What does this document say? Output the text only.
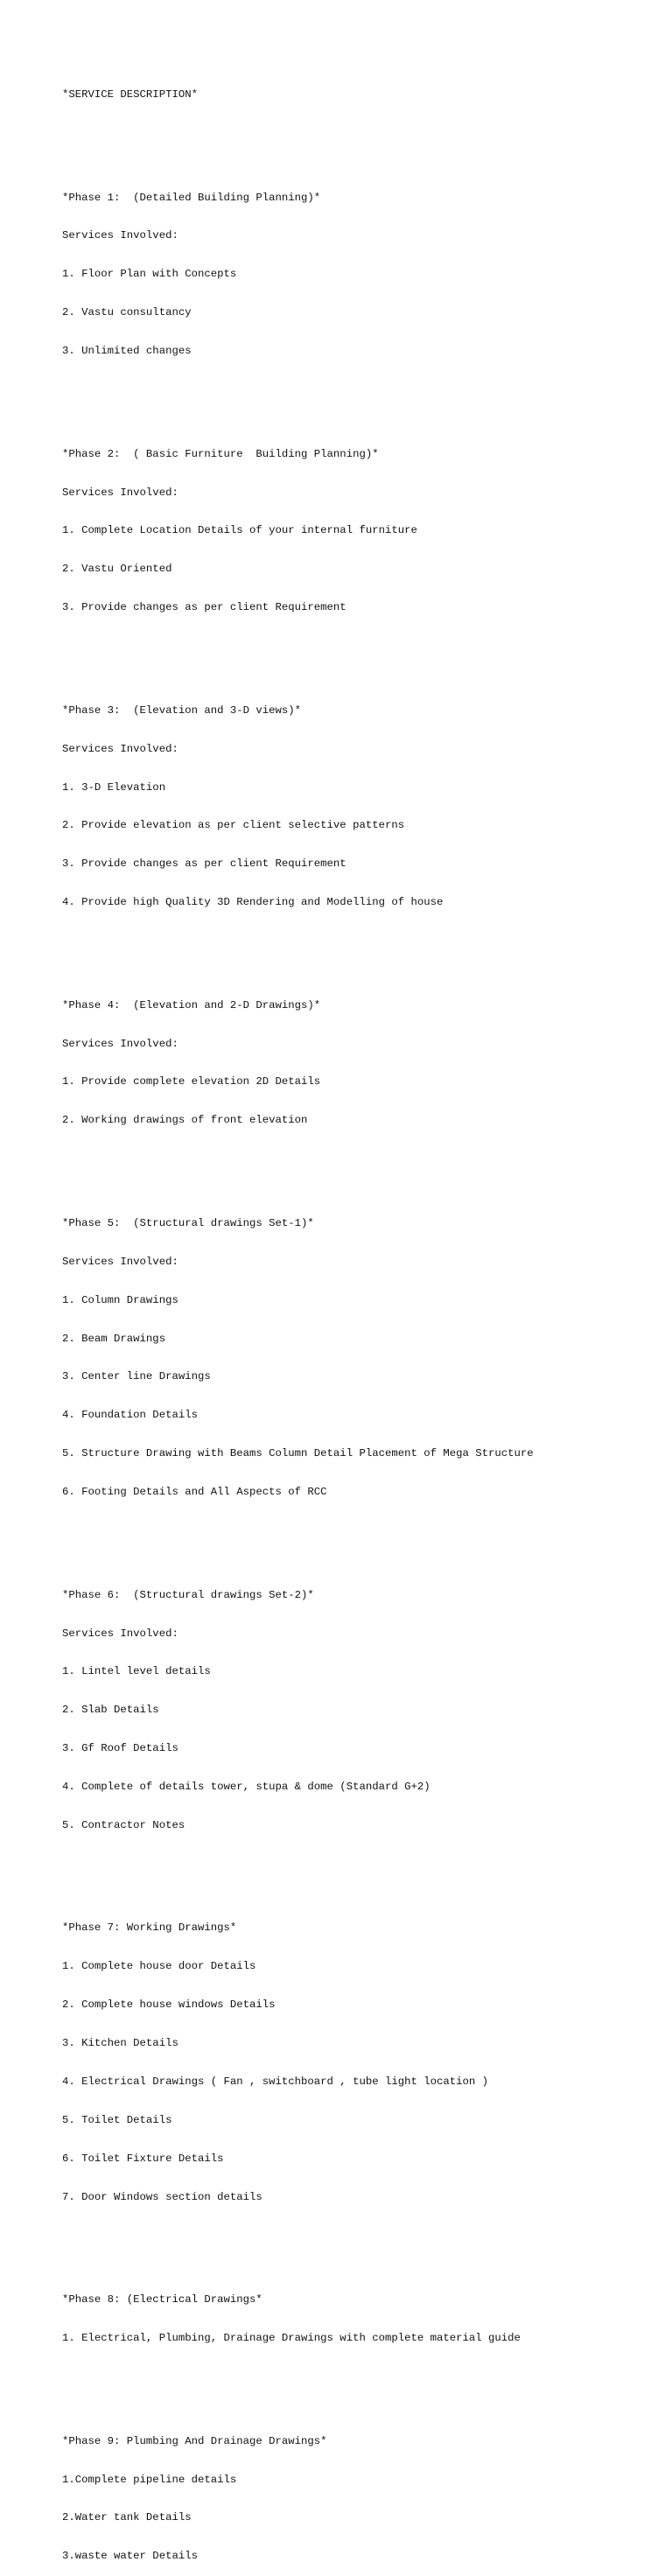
*SERVICE DESCRIPTION*

*Phase 1:  (Detailed Building Planning)*

Services Involved:

1. Floor Plan with Concepts

2. Vastu consultancy

3. Unlimited changes

*Phase 2:  ( Basic Furniture  Building Planning)*

Services Involved:

1. Complete Location Details of your internal furniture

2. Vastu Oriented

3. Provide changes as per client Requirement

*Phase 3:  (Elevation and 3-D views)*

Services Involved:

1. 3-D Elevation

2. Provide elevation as per client selective patterns

3. Provide changes as per client Requirement

4. Provide high Quality 3D Rendering and Modelling of house

*Phase 4:  (Elevation and 2-D Drawings)*

Services Involved:

1. Provide complete elevation 2D Details

2. Working drawings of front elevation

*Phase 5:  (Structural drawings Set-1)*

Services Involved:

1. Column Drawings

2. Beam Drawings

3. Center line Drawings

4. Foundation Details

5. Structure Drawing with Beams Column Detail Placement of Mega Structure

6. Footing Details and All Aspects of RCC

*Phase 6:  (Structural drawings Set-2)*

Services Involved:

1. Lintel level details

2. Slab Details

3. Gf Roof Details

4. Complete of details tower, stupa & dome (Standard G+2)

5. Contractor Notes

*Phase 7: Working Drawings*

1. Complete house door Details

2. Complete house windows Details

3. Kitchen Details

4. Electrical Drawings ( Fan , switchboard , tube light location )

5. Toilet Details

6. Toilet Fixture Details

7. Door Windows section details

*Phase 8: (Electrical Drawings*

1. Electrical, Plumbing, Drainage Drawings with complete material guide

*Phase 9: Plumbing And Drainage Drawings*

1.Complete pipeline details

2.Water tank Details

3.waste water Details
